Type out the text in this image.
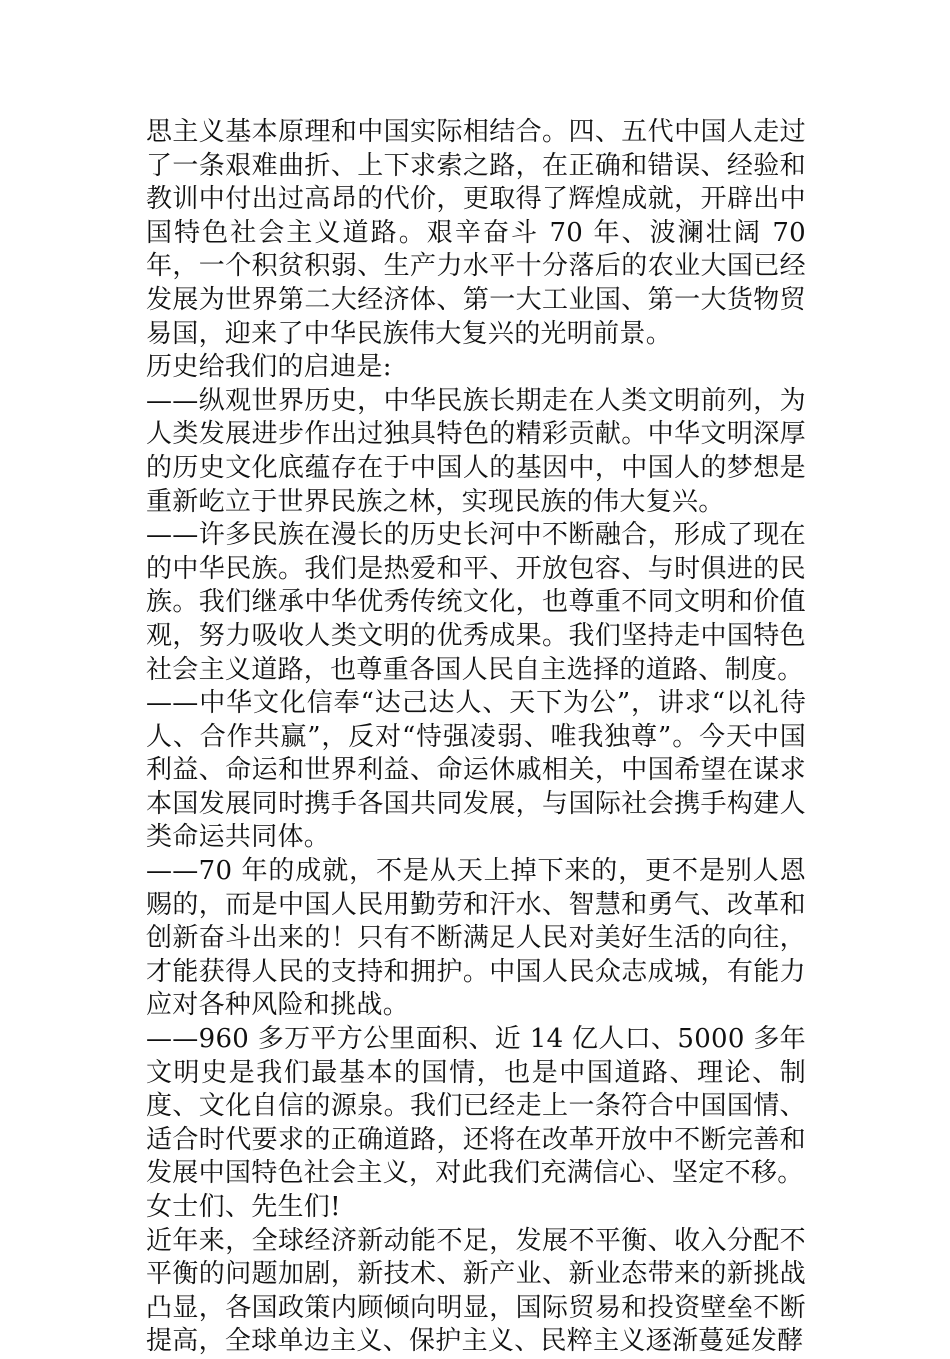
思主义基本原理和中国实际相结合。四、五代中国人走过了一条艰难曲折、上下求索之路，在正确和错误、经验和教训中付出过高昂的代价，更取得了辉煌成就，开辟出中国特色社会主义道路。艰辛奋斗 70 年、波澜壮阔 70 年，一个积贫积弱、生产力水平十分落后的农业大国已经发展为世界第二大经济体、第一大工业国、第一大货物贸易国，迎来了中华民族伟大复兴的光明前景。

历史给我们的启迪是:

——纵观世界历史，中华民族长期走在人类文明前列，为人类发展进步作出过独具特色的精彩贡献。中华文明深厚的历史文化底蕴存在于中国人的基因中，中国人的梦想是重新屹立于世界民族之林，实现民族的伟大复兴。

——许多民族在漫长的历史长河中不断融合，形成了现在的中华民族。我们是热爱和平、开放包容、与时俱进的民族。我们继承中华优秀传统文化，也尊重不同文明和价值观，努力吸收人类文明的优秀成果。我们坚持走中国特色社会主义道路，也尊重各国人民自主选择的道路、制度。

——中华文化信奉“达己达人、天下为公”，讲求“以礼待人、合作共赢”，反对“恃强凌弱、唯我独尊”。今天中国利益、命运和世界利益、命运休戚相关，中国希望在谋求本国发展同时携手各国共同发展，与国际社会携手构建人类命运共同体。

——70 年的成就，不是从天上掉下来的，更不是别人恩赐的，而是中国人民用勤劳和汗水、智慧和勇气、改革和创新奋斗出来的！只有不断满足人民对美好生活的向往，才能获得人民的支持和拥护。中国人民众志成城，有能力应对各种风险和挑战。

——960 多万平方公里面积、近 14 亿人口、5000 多年文明史是我们最基本的国情，也是中国道路、理论、制度、文化自信的源泉。我们已经走上一条符合中国国情、适合时代要求的正确道路，还将在改革开放中不断完善和发展中国特色社会主义，对此我们充满信心、坚定不移。

女士们、先生们!

近年来，全球经济新动能不足，发展不平衡、收入分配不平衡的问题加剧，新技术、新产业、新业态带来的新挑战凸显，各国政策内顾倾向明显，国际贸易和投资壁垒不断提高，全球单边主义、保护主义、民粹主义逐渐蔓延发酵
